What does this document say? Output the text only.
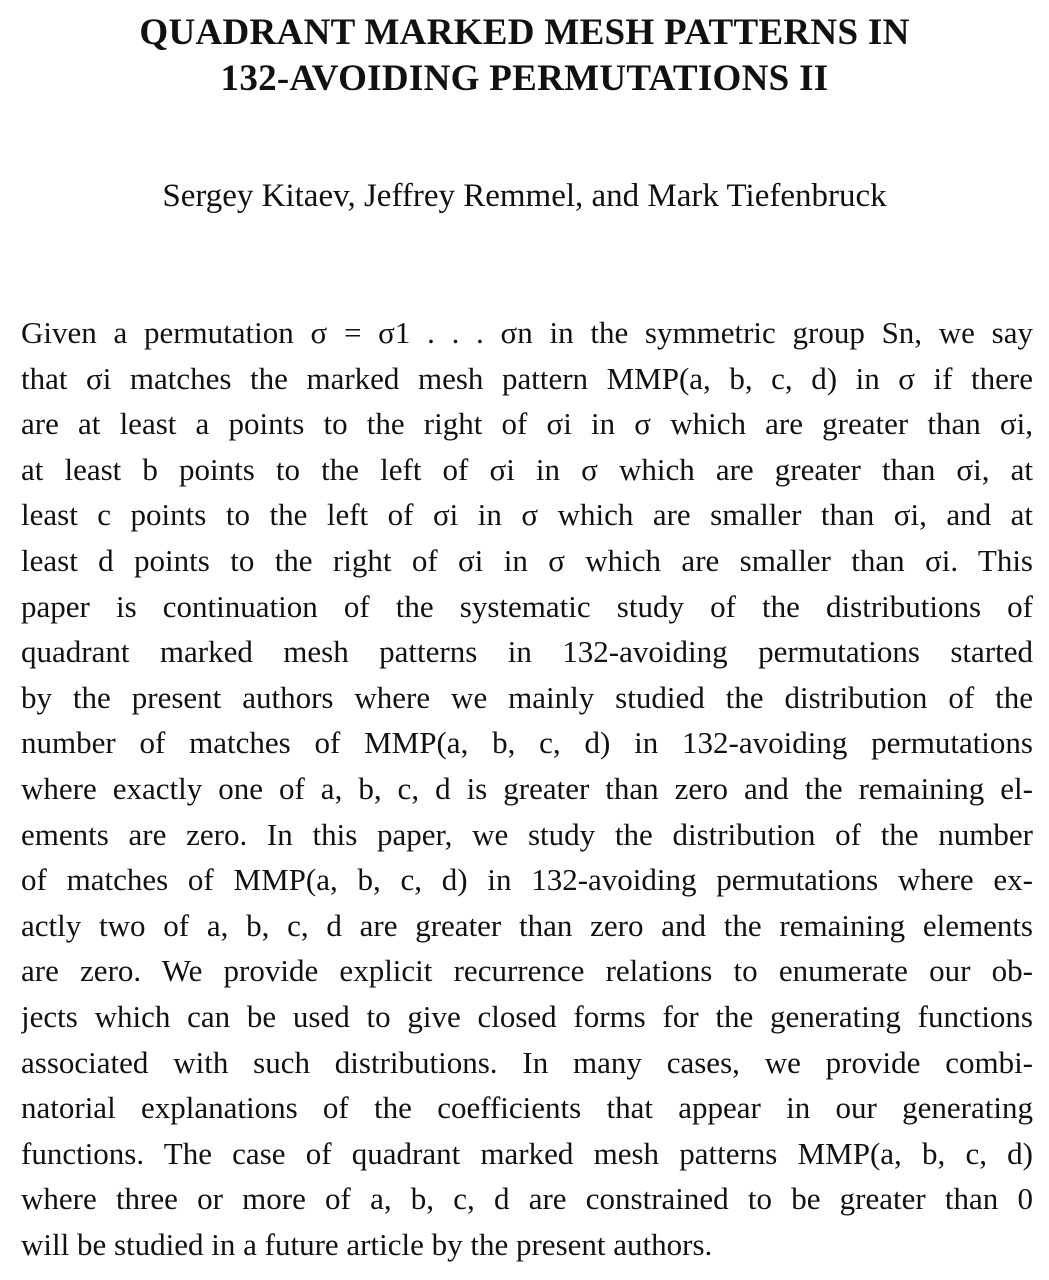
QUADRANT MARKED MESH PATTERNS IN
132-AVOIDING PERMUTATIONS II

Sergey Kitaev, Jeffrey Remmel, and Mark Tiefenbruck

Given a permutation σ = σ1 . . . σn in the symmetric group Sn, we say
that σi matches the marked mesh pattern MMP(a, b, c, d) in σ if there
are at least a points to the right of σi in σ which are greater than σi,
at least b points to the left of σi in σ which are greater than σi, at
least c points to the left of σi in σ which are smaller than σi, and at
least d points to the right of σi in σ which are smaller than σi. This
paper is continuation of the systematic study of the distributions of
quadrant marked mesh patterns in 132-avoiding permutations started
by the present authors where we mainly studied the distribution of the
number of matches of MMP(a, b, c, d) in 132-avoiding permutations
where exactly one of a, b, c, d is greater than zero and the remaining el-
ements are zero. In this paper, we study the distribution of the number
of matches of MMP(a, b, c, d) in 132-avoiding permutations where ex-
actly two of a, b, c, d are greater than zero and the remaining elements
are zero. We provide explicit recurrence relations to enumerate our ob-
jects which can be used to give closed forms for the generating functions
associated with such distributions. In many cases, we provide combi-
natorial explanations of the coefficients that appear in our generating
functions. The case of quadrant marked mesh patterns MMP(a, b, c, d)
where three or more of a, b, c, d are constrained to be greater than 0
will be studied in a future article by the present authors.
